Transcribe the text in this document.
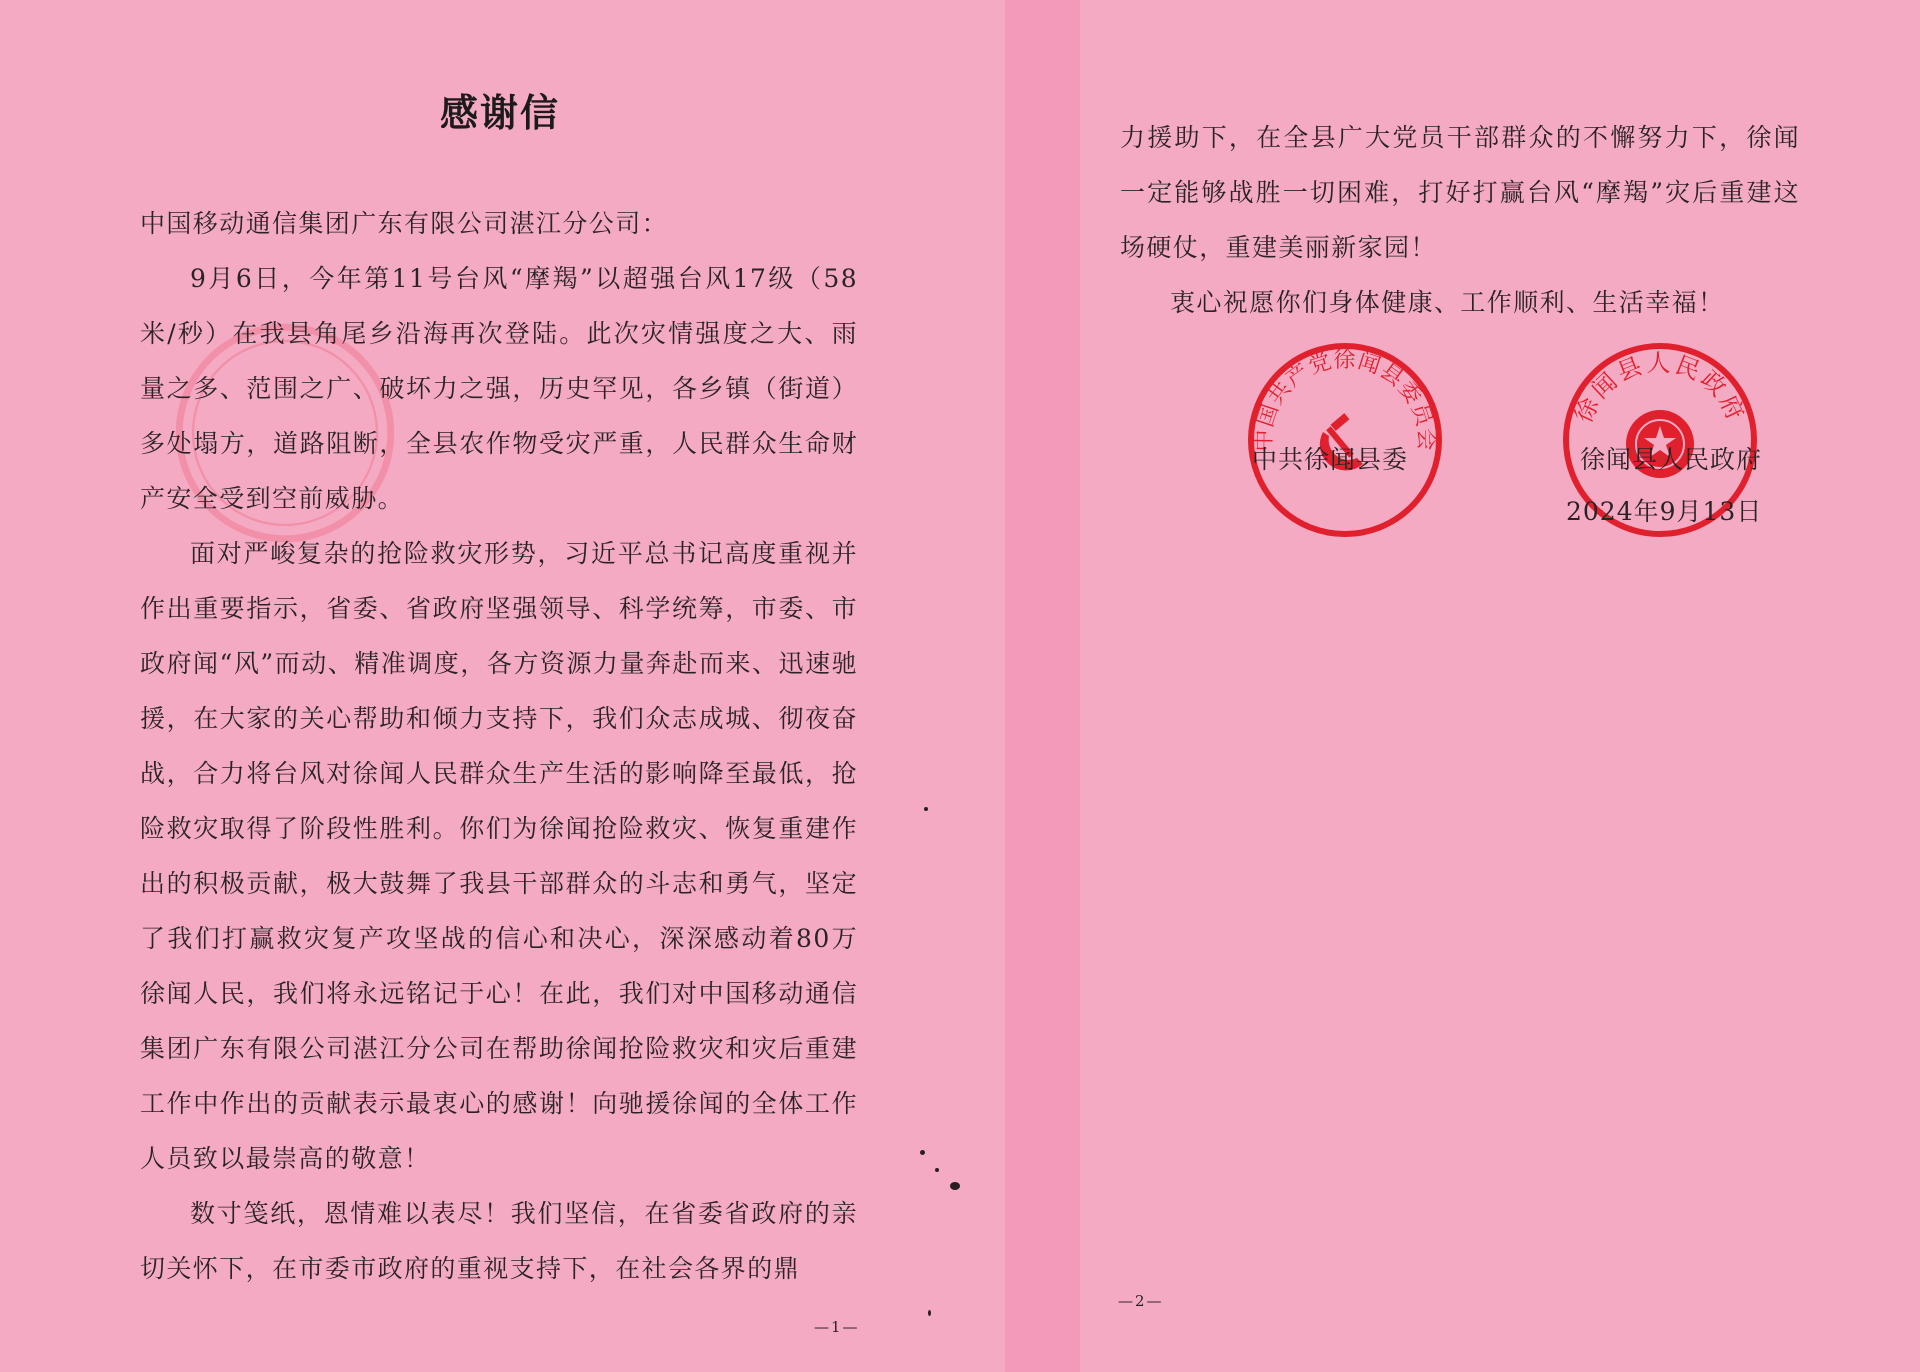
感谢信

中国移动通信集团广东有限公司湛江分公司：

9月6日，今年第11号台风“摩羯”以超强台风17级（58米/秒）在我县角尾乡沿海再次登陆。此次灾情强度之大、雨量之多、范围之广、破坏力之强，历史罕见，各乡镇（街道）多处塌方，道路阻断，全县农作物受灾严重，人民群众生命财产安全受到空前威胁。

面对严峻复杂的抢险救灾形势，习近平总书记高度重视并作出重要指示，省委、省政府坚强领导、科学统筹，市委、市政府闻“风”而动、精准调度，各方资源力量奔赴而来、迅速驰援，在大家的关心帮助和倾力支持下，我们众志成城、彻夜奋战，合力将台风对徐闻人民群众生产生活的影响降至最低，抢险救灾取得了阶段性胜利。你们为徐闻抢险救灾、恢复重建作出的积极贡献，极大鼓舞了我县干部群众的斗志和勇气，坚定了我们打赢救灾复产攻坚战的信心和决心，深深感动着80万徐闻人民，我们将永远铭记于心！在此，我们对中国移动通信集团广东有限公司湛江分公司在帮助徐闻抢险救灾和灾后重建工作中作出的贡献表示最衷心的感谢！向驰援徐闻的全体工作人员致以最崇高的敬意！

数寸笺纸，恩情难以表尽！我们坚信，在省委省政府的亲切关怀下，在市委市政府的重视支持下，在社会各界的鼎

—1—

力援助下，在全县广大党员干部群众的不懈努力下，徐闻一定能够战胜一切困难，打好打赢台风“摩羯”灾后重建这场硬仗，重建美丽新家园！

衷心祝愿你们身体健康、工作顺利、生活幸福！

中国共产党徐闻县委员会
徐闻县人民政府
中共徐闻县委	徐闻县人民政府
2024年9月13日
—2—
